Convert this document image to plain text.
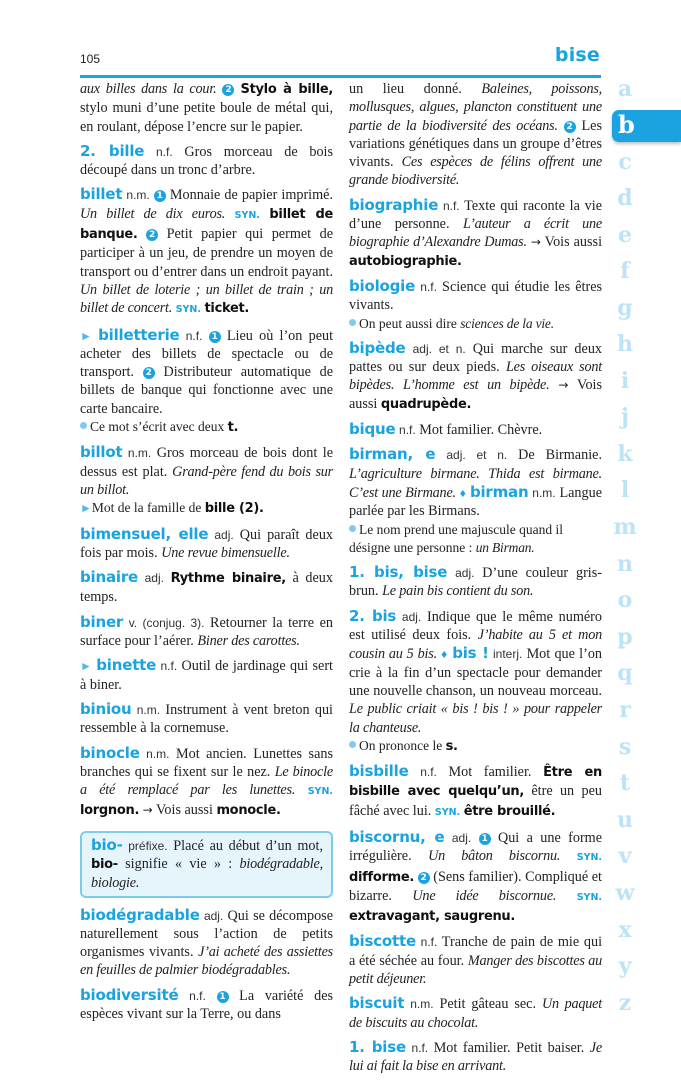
105	bise

aux billes dans la cour. 2 Stylo à bille, stylo muni d’une petite boule de métal qui, en roulant, dépose l’encre sur le papier.

2. bille n.f. Gros morceau de bois découpé dans un tronc d’arbre.

billet n.m. 1 Monnaie de papier imprimé. Un billet de dix euros. SYN. billet de banque. 2 Petit papier qui permet de participer à un jeu, de prendre un moyen de transport ou d’entrer dans un endroit payant. Un billet de loterie ; un billet de train ; un billet de concert. SYN. ticket.

► billetterie n.f. 1 Lieu où l’on peut acheter des billets de spectacle ou de transport. 2 Distributeur automatique de billets de banque qui fonctionne avec une carte bancaire.

Ce mot s’écrit avec deux t.

billot n.m. Gros morceau de bois dont le dessus est plat. Grand-père fend du bois sur un billot.

►Mot de la famille de bille (2).

bimensuel, elle adj. Qui paraît deux fois par mois. Une revue bimensuelle.

binaire adj. Rythme binaire, à deux temps.

biner v. (conjug. 3). Retourner la terre en surface pour l’aérer. Biner des carottes.

► binette n.f. Outil de jardinage qui sert à biner.

biniou n.m. Instrument à vent breton qui ressemble à la cornemuse.

binocle n.m. Mot ancien. Lunettes sans branches qui se fixent sur le nez. Le binocle a été remplacé par les lunettes. SYN. lorgnon. → Vois aussi monocle.

bio- préfixe. Placé au début d’un mot, bio- signifie « vie » : biodégradable, biologie.

biodégradable adj. Qui se décompose naturellement sous l’action de petits organismes vivants. J’ai acheté des assiettes en feuilles de palmier biodégradables.

biodiversité n.f. 1 La variété des espèces vivant sur la Terre, ou dans

un lieu donné. Baleines, poissons, mollusques, algues, plancton constituent une partie de la biodiversité des océans. 2 Les variations génétiques dans un groupe d’êtres vivants. Ces espèces de félins offrent une grande biodiversité.

biographie n.f. Texte qui raconte la vie d’une personne. L’auteur a écrit une biographie d’Alexandre Dumas. → Vois aussi autobiographie.

biologie n.f. Science qui étudie les êtres vivants.

On peut aussi dire sciences de la vie.

bipède adj. et n. Qui marche sur deux pattes ou sur deux pieds. Les oiseaux sont bipèdes. L’homme est un bipède. → Vois aussi quadrupède.

bique n.f. Mot familier. Chèvre.

birman, e adj. et n. De Birmanie. L’agriculture birmane. Thida est birmane. C’est une Birmane. ♦ birman n.m. Langue parlée par les Birmans.

Le nom prend une majuscule quand il désigne une personne : un Birman.

1. bis, bise adj. D’une couleur gris-brun. Le pain bis contient du son.

2. bis adj. Indique que le même numéro est utilisé deux fois. J’habite au 5 et mon cousin au 5 bis. ♦ bis ! interj. Mot que l’on crie à la fin d’un spectacle pour demander une nouvelle chanson, un nouveau morceau. Le public criait « bis ! bis ! » pour rappeler la chanteuse.

On prononce le s.

bisbille n.f. Mot familier. Être en bisbille avec quelqu’un, être un peu fâché avec lui. SYN. être brouillé.

biscornu, e adj. 1 Qui a une forme irrégulière. Un bâton biscornu. SYN. difforme. 2 (Sens familier). Compliqué et bizarre. Une idée biscornue. SYN. extravagant, saugrenu.

biscotte n.f. Tranche de pain de mie qui a été séchée au four. Manger des biscottes au petit déjeuner.

biscuit n.m. Petit gâteau sec. Un paquet de biscuits au chocolat.

1. bise n.f. Mot familier. Petit baiser. Je lui ai fait la bise en arrivant.

b
a
c
d
e
f
g
h
i
j
k
l
m
n
o
p
q
r
s
t
u
v
w
x
y
z
